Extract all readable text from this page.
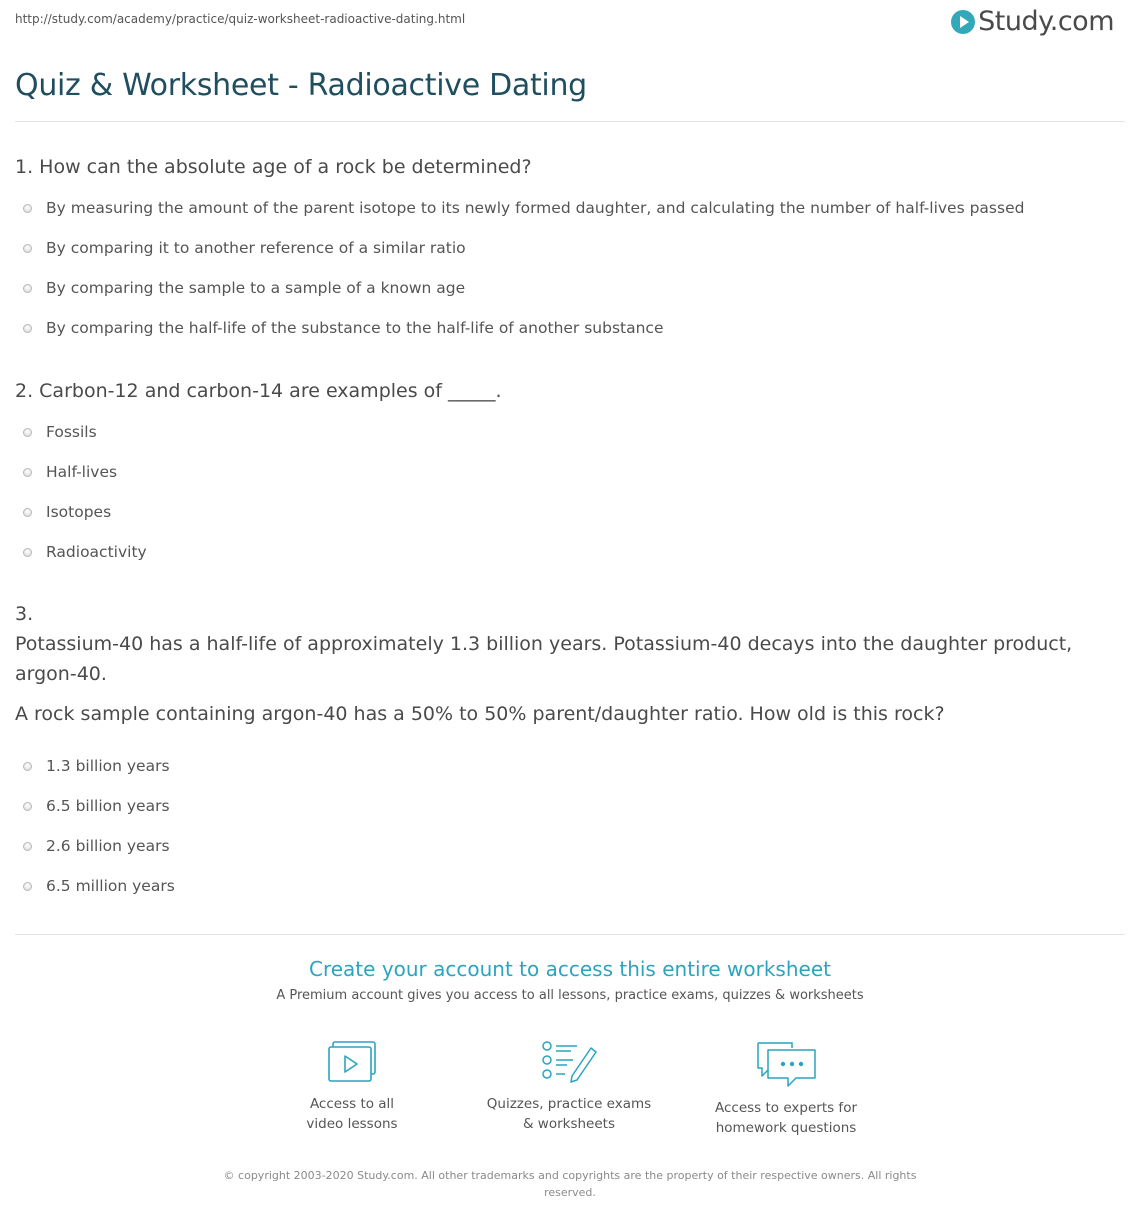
http://study.com/academy/practice/quiz-worksheet-radioactive-dating.html	Study.com
Quiz & Worksheet - Radioactive Dating
1. How can the absolute age of a rock be determined?
By measuring the amount of the parent isotope to its newly formed daughter, and calculating the number of half-lives passed
By comparing it to another reference of a similar ratio
By comparing the sample to a sample of a known age
By comparing the half-life of the substance to the half-life of another substance
2. Carbon-12 and carbon-14 are examples of _____.
Fossils
Half-lives
Isotopes
Radioactivity
3.
Potassium-40 has a half-life of approximately 1.3 billion years. Potassium-40 decays into the daughter product, argon-40.
A rock sample containing argon-40 has a 50% to 50% parent/daughter ratio. How old is this rock?
1.3 billion years
6.5 billion years
2.6 billion years
6.5 million years
Create your account to access this entire worksheet
A Premium account gives you access to all lessons, practice exams, quizzes & worksheets
Access to all
video lessons
Quizzes, practice exams
& worksheets
Access to experts for
homework questions
© copyright 2003-2020 Study.com. All other trademarks and copyrights are the property of their respective owners. All rights reserved.
